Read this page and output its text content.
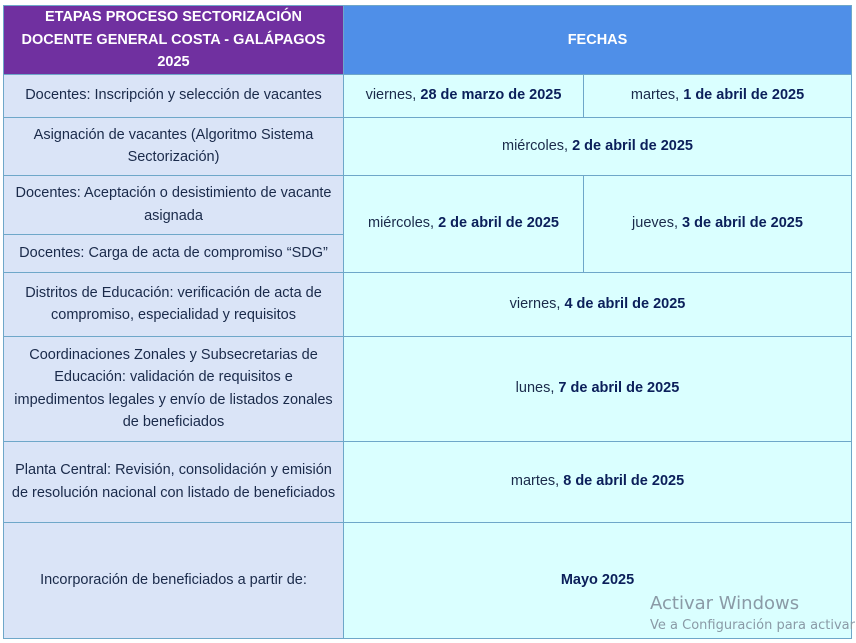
ETAPAS PROCESO SECTORIZACIÓN DOCENTE GENERAL COSTA - GALÁPAGOS 2025	FECHAS	
Docentes: Inscripción y selección de vacantes	viernes, 28 de marzo de 2025	martes, 1 de abril de 2025
Asignación de vacantes (Algoritmo Sistema Sectorización)	miércoles, 2 de abril de 2025	
Docentes: Aceptación o desistimiento de vacante asignada	miércoles, 2 de abril de 2025	jueves, 3 de abril de 2025
Docentes: Carga de acta de compromiso “SDG”		
Distritos de Educación: verificación de acta de compromiso, especialidad y requisitos	viernes, 4 de abril de 2025	
Coordinaciones Zonales y Subsecretarias de Educación: validación de requisitos e impedimentos legales y envío de listados zonales de beneficiados	lunes, 7 de abril de 2025	
Planta Central: Revisión, consolidación y emisión de resolución nacional con listado de beneficiados	martes, 8 de abril de 2025	
Incorporación de beneficiados a partir de:	Mayo 2025	
Activar Windows
Ve a Configuración para activar
